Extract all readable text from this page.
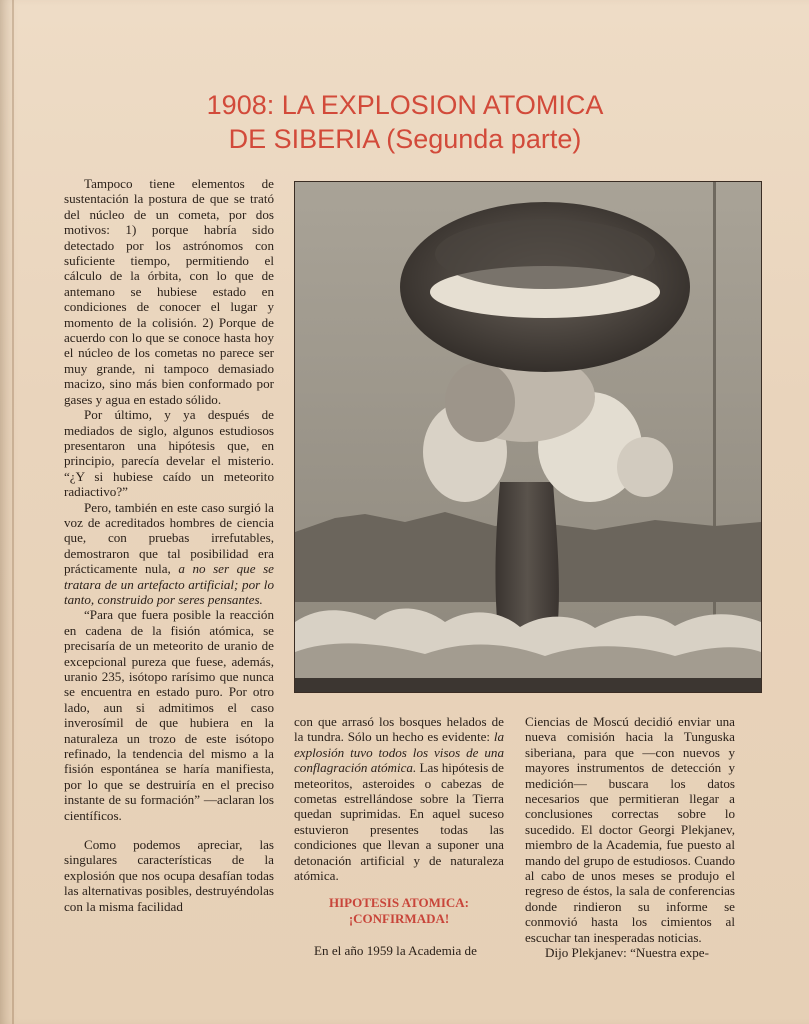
1908: LA EXPLOSION ATOMICA
DE SIBERIA (Segunda parte)

Tampoco tiene elementos de sustentación la postura de que se trató del núcleo de un cometa, por dos motivos: 1) porque habría sido detectado por los astrónomos con suficiente tiempo, permitiendo el cálculo de la órbita, con lo que de antemano se hubiese estado en condiciones de conocer el lugar y momento de la colisión. 2) Porque de acuerdo con lo que se conoce hasta hoy el núcleo de los cometas no parece ser muy grande, ni tampoco demasiado macizo, sino más bien conformado por gases y agua en estado sólido.

Por último, y ya después de mediados de siglo, algunos estudiosos presentaron una hipótesis que, en principio, parecía develar el misterio. “¿Y si hubiese caído un meteorito radiactivo?”

Pero, también en este caso surgió la voz de acreditados hombres de ciencia que, con pruebas irrefutables, demostraron que tal posibilidad era prácticamente nula, a no ser que se tratara de un artefacto artificial; por lo tanto, construido por seres pensantes.

“Para que fuera posible la reacción en cadena de la fisión atómica, se precisaría de un meteorito de uranio de excepcional pureza que fuese, además, uranio 235, isótopo rarísimo que nunca se encuentra en estado puro. Por otro lado, aun si admitimos el caso inverosímil de que hubiera en la naturaleza un trozo de este isótopo refinado, la tendencia del mismo a la fisión espontánea se haría manifiesta, por lo que se destruiría en el preciso instante de su formación” —aclaran los científicos.

Como podemos apreciar, las singulares características de la explosión que nos ocupa desafían todas las alternativas posibles, destruyéndolas con la misma facilidad

con que arrasó los bosques helados de la tundra. Sólo un hecho es evidente: la explosión tuvo todos los visos de una conflagración atómica. Las hipótesis de meteoritos, asteroides o cabezas de cometas estrellándose sobre la Tierra quedan suprimidas. En aquel suceso estuvieron presentes todas las condiciones que llevan a suponer una detonación artificial y de naturaleza atómica.

HIPOTESIS ATOMICA:
¡CONFIRMADA!

En el año 1959 la Academia de

Ciencias de Moscú decidió enviar una nueva comisión hacia la Tunguska siberiana, para que —con nuevos y mayores instrumentos de detección y medición— buscara los datos necesarios que permitieran llegar a conclusiones correctas sobre lo sucedido. El doctor Georgi Plekjanev, miembro de la Academia, fue puesto al mando del grupo de estudiosos. Cuando al cabo de unos meses se produjo el regreso de éstos, la sala de conferencias donde rindieron su informe se conmovió hasta los cimientos al escuchar tan inesperadas noticias.

Dijo Plekjanev: “Nuestra expe-
